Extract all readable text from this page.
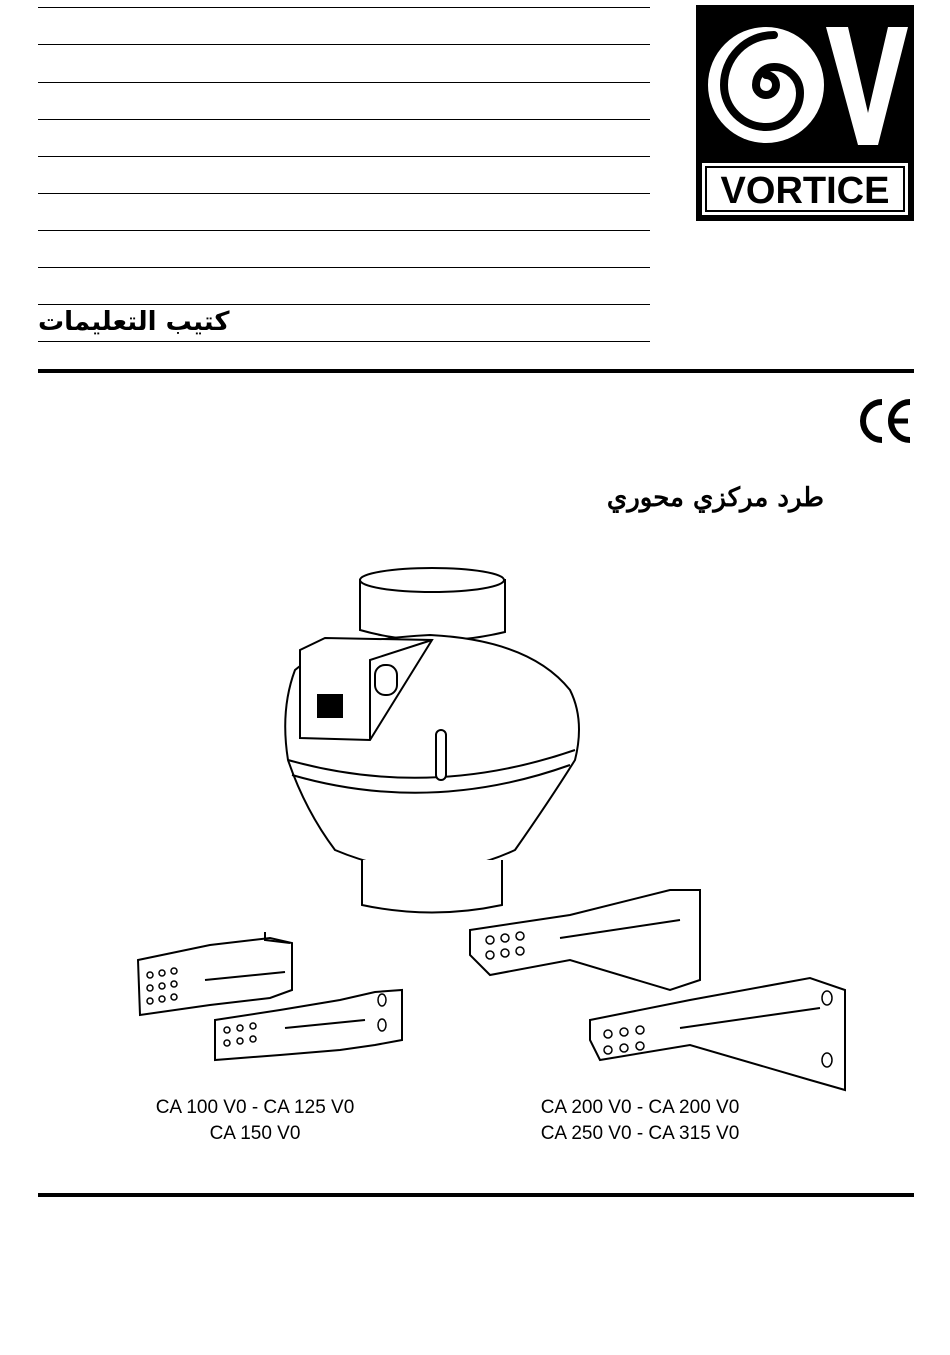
كتيب التعليمات
VORTICE
طرد مركزي محوري
CA 100 V0 - CA 125 V0
CA 150 V0
CA 200 V0 - CA 200 V0
CA 250 V0 - CA 315 V0
